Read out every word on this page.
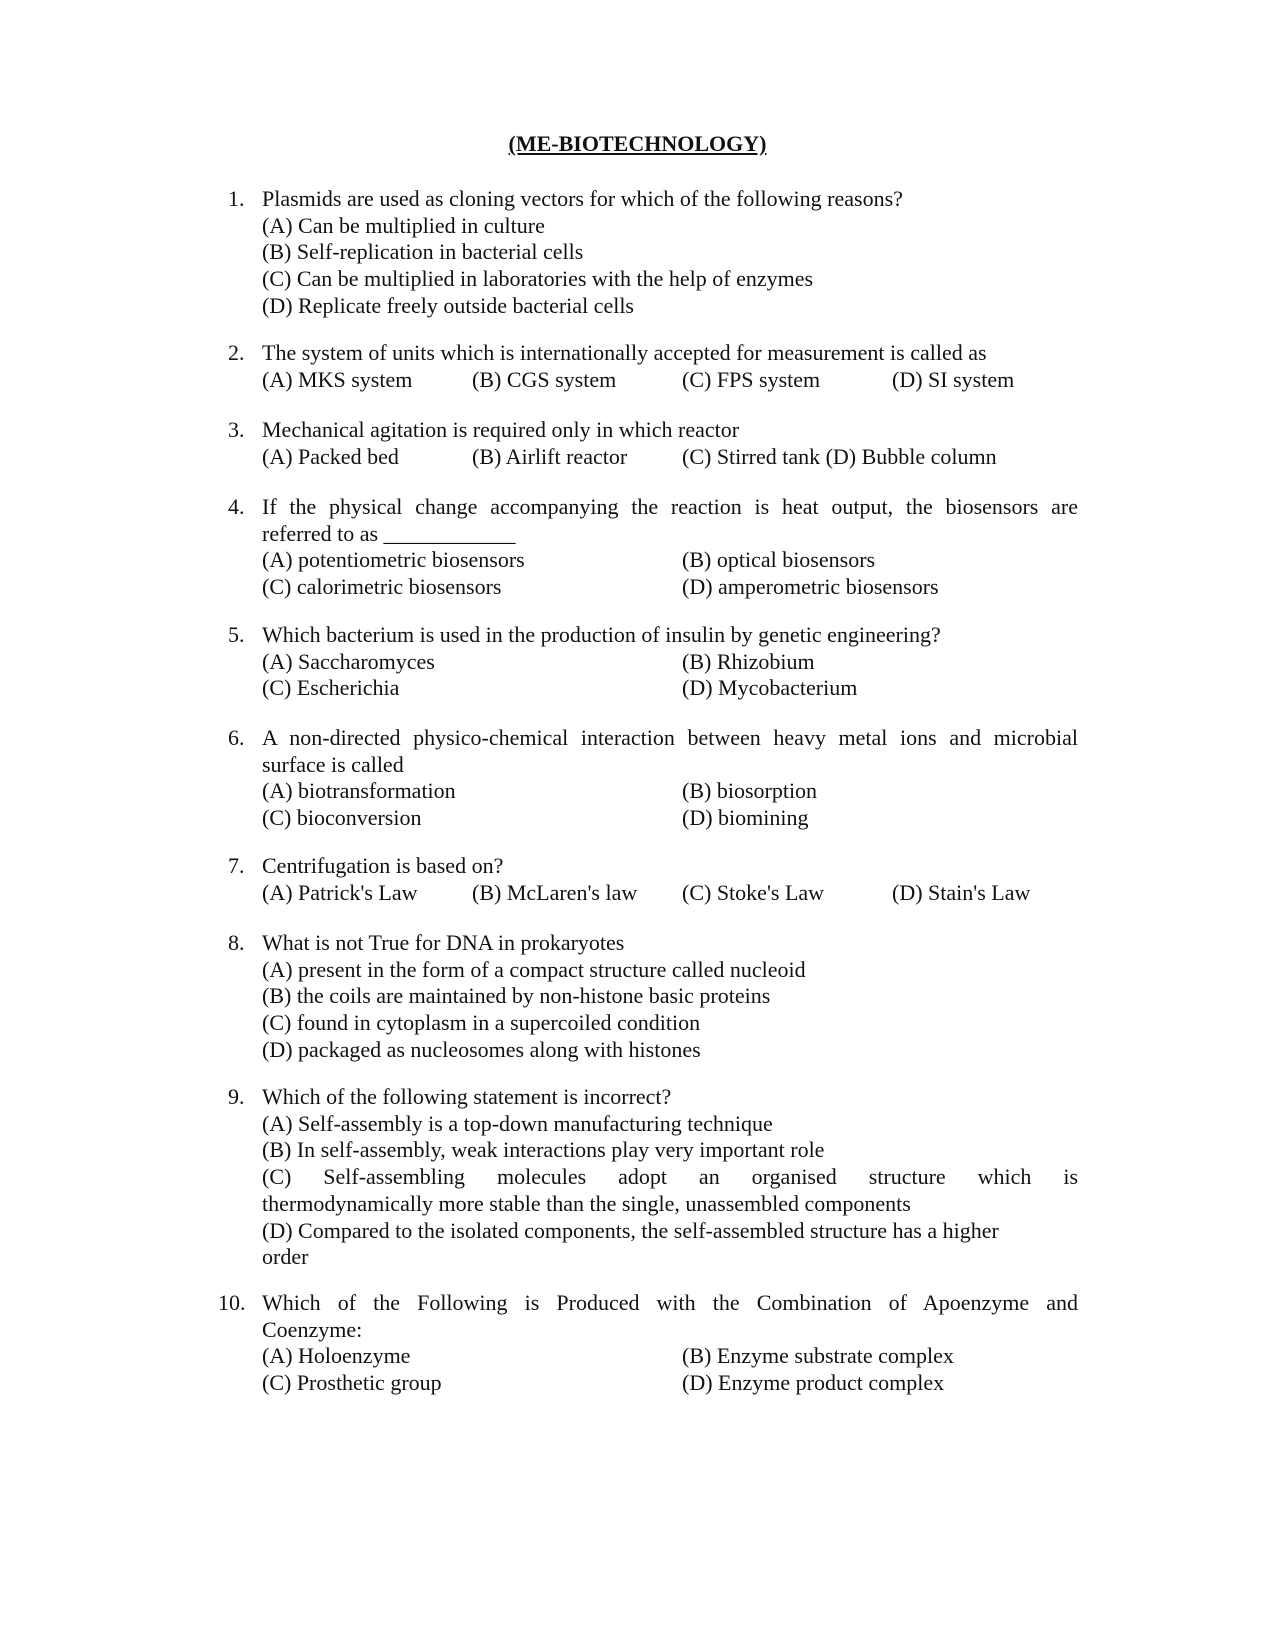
(ME-BIOTECHNOLOGY)
1. Plasmids are used as cloning vectors for which of the following reasons?
(A) Can be multiplied in culture
(B) Self-replication in bacterial cells
(C) Can be multiplied in laboratories with the help of enzymes
(D) Replicate freely outside bacterial cells
2. The system of units which is internationally accepted for measurement is called as
(A) MKS system	(B) CGS system	(C) FPS system	(D) SI system
3. Mechanical agitation is required only in which reactor
(A) Packed bed	(B) Airlift reactor	(C) Stirred tank (D) Bubble column
4. If the physical change accompanying the reaction is heat output, the biosensors are
referred to as ____________
(A) potentiometric biosensors	(B) optical biosensors
(C) calorimetric biosensors	(D) amperometric biosensors
5. Which bacterium is used in the production of insulin by genetic engineering?
(A) Saccharomyces	(B) Rhizobium
(C) Escherichia	(D) Mycobacterium
6. A non-directed physico-chemical interaction between heavy metal ions and microbial
surface is called
(A) biotransformation	(B) biosorption
(C) bioconversion	(D) biomining
7. Centrifugation is based on?
(A) Patrick's Law	(B) McLaren's law	(C) Stoke's Law	(D) Stain's Law
8. What is not True for DNA in prokaryotes
(A) present in the form of a compact structure called nucleoid
(B) the coils are maintained by non-histone basic proteins
(C) found in cytoplasm in a supercoiled condition
(D) packaged as nucleosomes along with histones
9. Which of the following statement is incorrect?
(A) Self-assembly is a top-down manufacturing technique
(B) In self-assembly, weak interactions play very important role
(C) Self-assembling molecules adopt an organised structure which is
thermodynamically more stable than the single, unassembled components
(D) Compared to the isolated components, the self-assembled structure has a higher
order
10. Which of the Following is Produced with the Combination of Apoenzyme and
Coenzyme:
(A) Holoenzyme	(B) Enzyme substrate complex
(C) Prosthetic group	(D) Enzyme product complex
